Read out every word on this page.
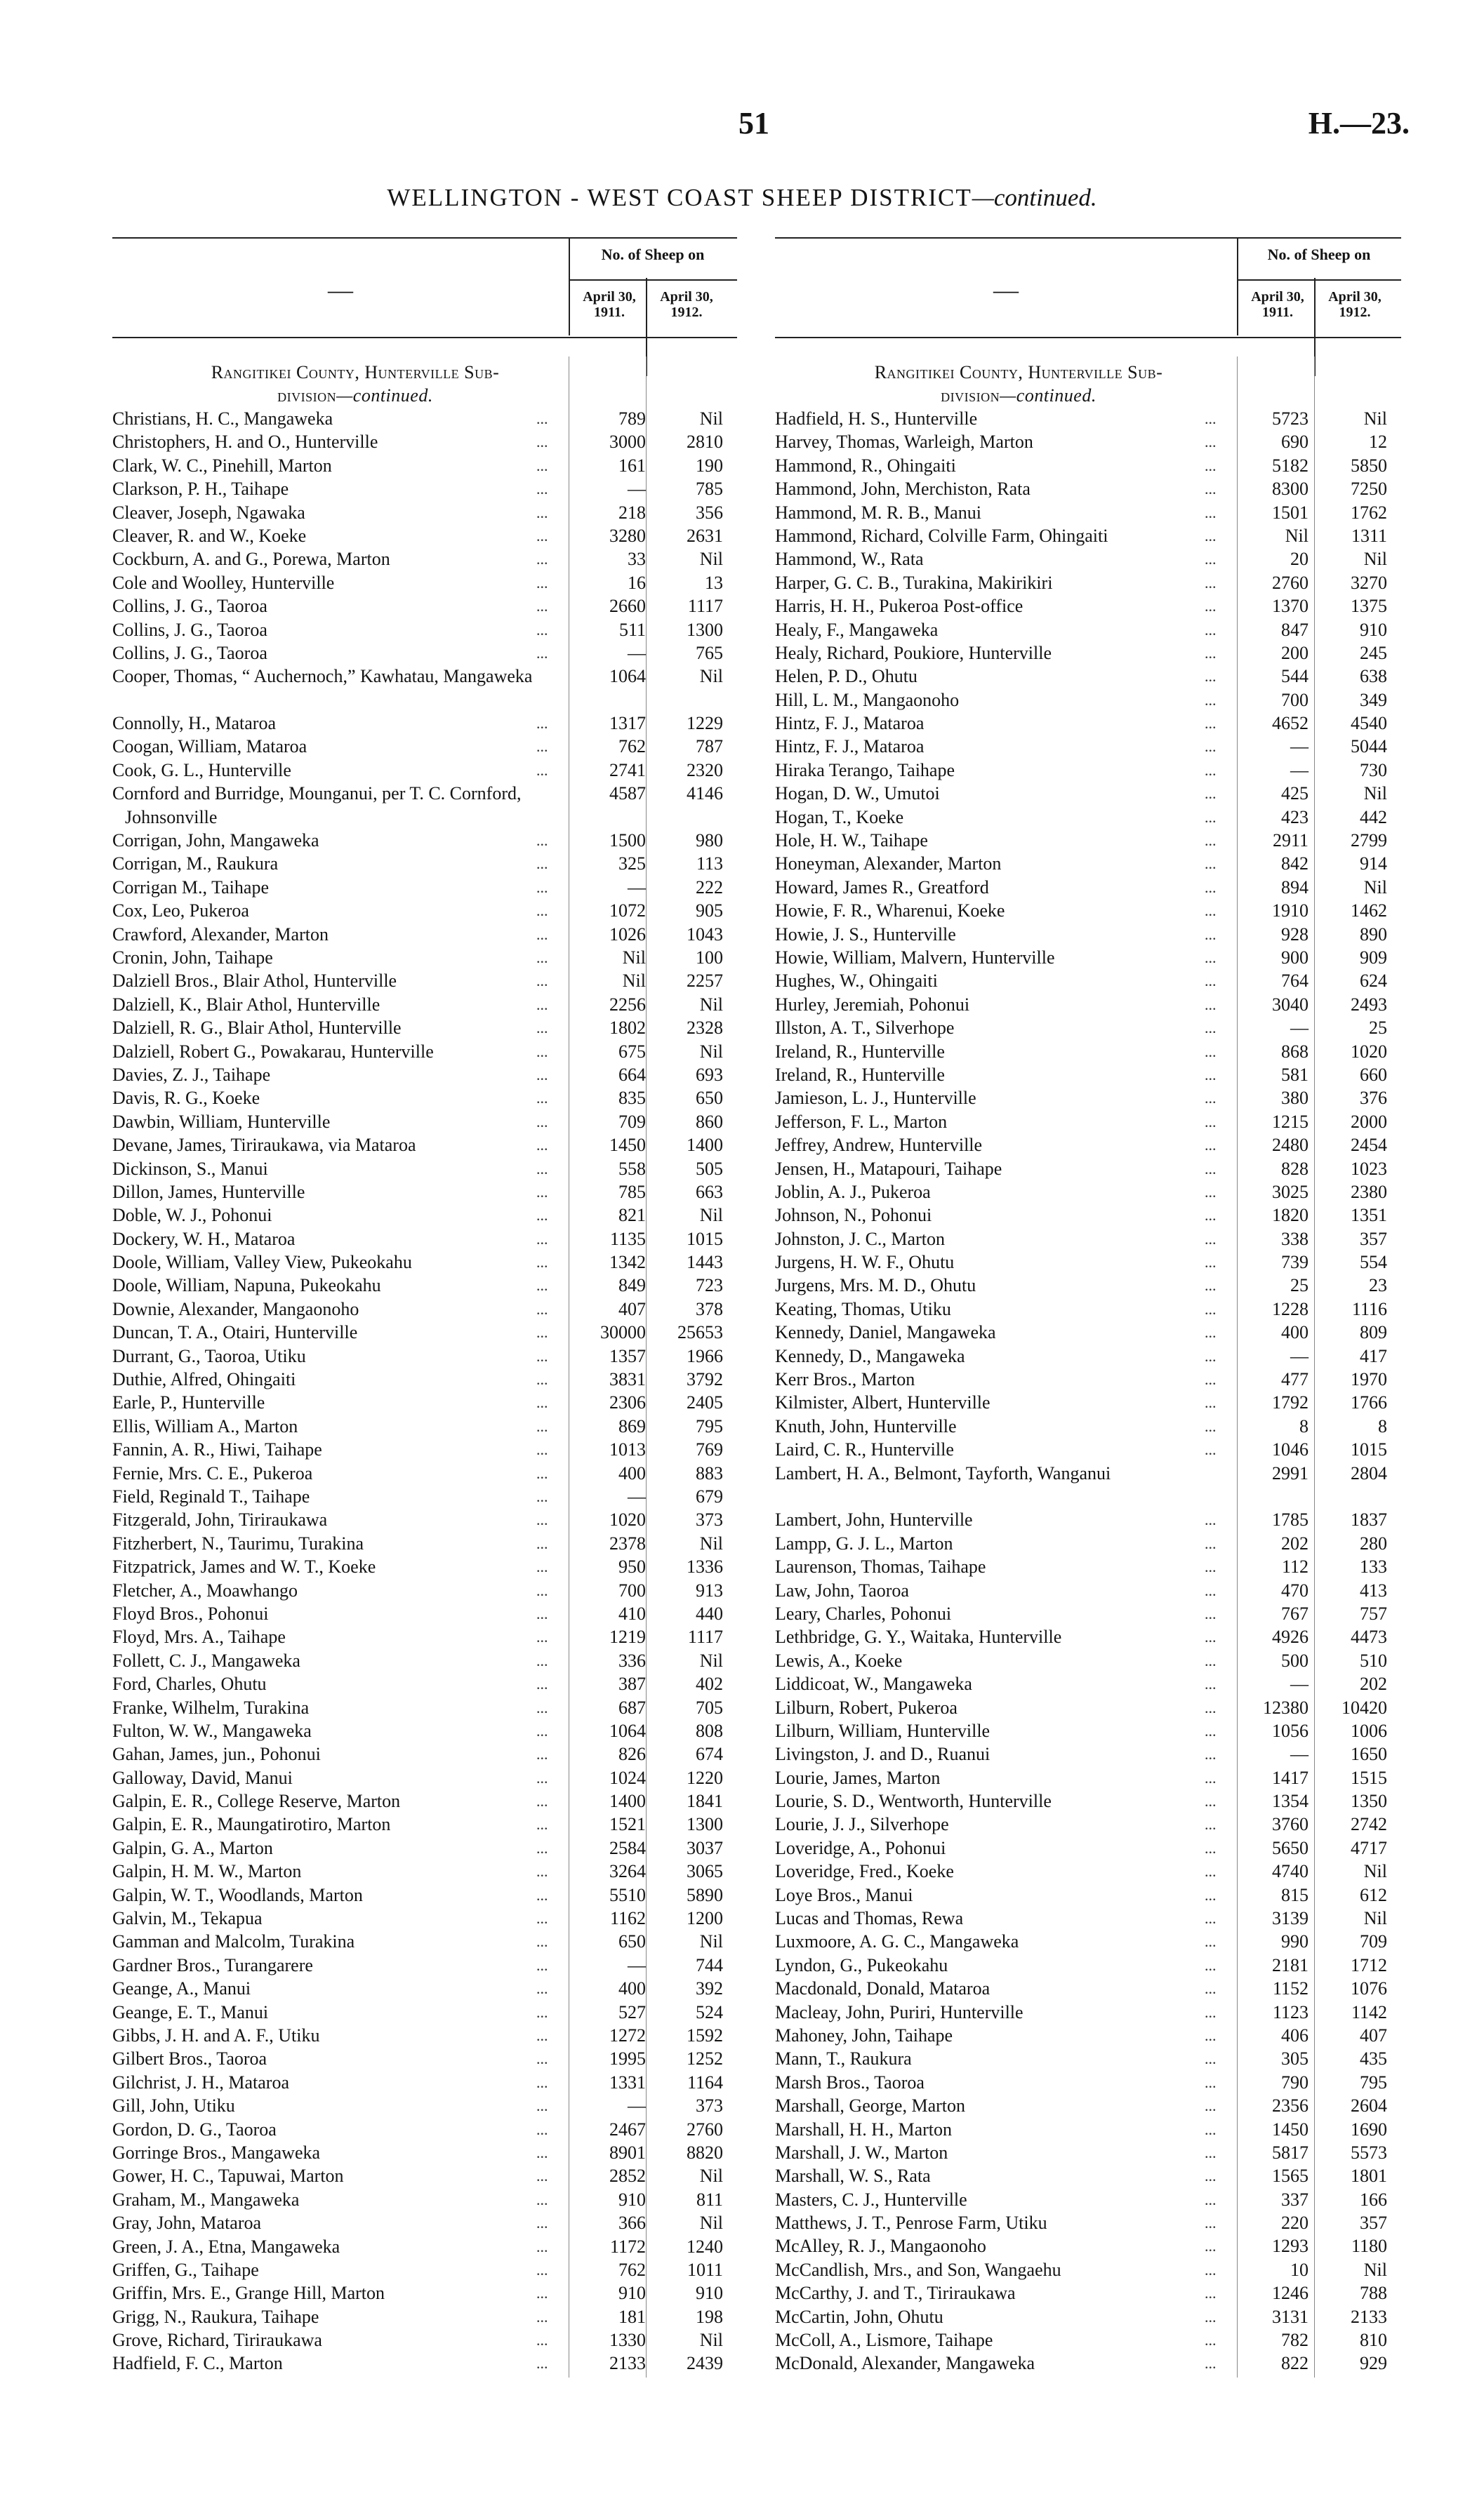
51	H.—23.
WELLINGTON - WEST COAST SHEEP DISTRICT—continued.
—
No. of Sheep on
April 30, 1911.
April 30, 1912.
Rangitikei County, Hunterville Sub-
division—continued.
Christians, H. C., Mangaweka	...	789	Nil
Christophers, H. and O., Hunterville	...	3000	2810
Clark, W. C., Pinehill, Marton	...	161	190
Clarkson, P. H., Taihape	...	—	785
Cleaver, Joseph, Ngawaka	...	218	356
Cleaver, R. and W., Koeke	...	3280	2631
Cockburn, A. and G., Porewa, Marton	...	33	Nil
Cole and Woolley, Hunterville	...	16	13
Collins, J. G., Taoroa	...	2660	1117
Collins, J. G., Taoroa	...	511	1300
Collins, J. G., Taoroa	...	—	765
Cooper, Thomas, “ Auchernoch,” Kawhatau, Mangaweka	1064	Nil
Connolly, H., Mataroa	...	1317	1229
Coogan, William, Mataroa	...	762	787
Cook, G. L., Hunterville	...	2741	2320
Cornford and Burridge, Mounganui, per T. C. Cornford, Johnsonville
4587	4146
Corrigan, John, Mangaweka	...	1500	980
Corrigan, M., Raukura	...	325	113
Corrigan M., Taihape	...	—	222
Cox, Leo, Pukeroa	...	1072	905
Crawford, Alexander, Marton	...	1026	1043
Cronin, John, Taihape	...	Nil	100
Dalziell Bros., Blair Athol, Hunterville	...	Nil	2257
Dalziell, K., Blair Athol, Hunterville	...	2256	Nil
Dalziell, R. G., Blair Athol, Hunterville	...	1802	2328
Dalziell, Robert G., Powakarau, Hunterville	...	675	Nil
Davies, Z. J., Taihape	...	664	693
Davis, R. G., Koeke	...	835	650
Dawbin, William, Hunterville	...	709	860
Devane, James, Tiriraukawa, via Mataroa	...	1450	1400
Dickinson, S., Manui	...	558	505
Dillon, James, Hunterville	...	785	663
Doble, W. J., Pohonui	...	821	Nil
Dockery, W. H., Mataroa	...	1135	1015
Doole, William, Valley View, Pukeokahu	...	1342	1443
Doole, William, Napuna, Pukeokahu	...	849	723
Downie, Alexander, Mangaonoho	...	407	378
Duncan, T. A., Otairi, Hunterville	...	30000	25653
Durrant, G., Taoroa, Utiku	...	1357	1966
Duthie, Alfred, Ohingaiti	...	3831	3792
Earle, P., Hunterville	...	2306	2405
Ellis, William A., Marton	...	869	795
Fannin, A. R., Hiwi, Taihape	...	1013	769
Fernie, Mrs. C. E., Pukeroa	...	400	883
Field, Reginald T., Taihape	...	—	679
Fitzgerald, John, Tiriraukawa	...	1020	373
Fitzherbert, N., Taurimu, Turakina	...	2378	Nil
Fitzpatrick, James and W. T., Koeke	...	950	1336
Fletcher, A., Moawhango	...	700	913
Floyd Bros., Pohonui	...	410	440
Floyd, Mrs. A., Taihape	...	1219	1117
Follett, C. J., Mangaweka	...	336	Nil
Ford, Charles, Ohutu	...	387	402
Franke, Wilhelm, Turakina	...	687	705
Fulton, W. W., Mangaweka	...	1064	808
Gahan, James, jun., Pohonui	...	826	674
Galloway, David, Manui	...	1024	1220
Galpin, E. R., College Reserve, Marton	...	1400	1841
Galpin, E. R., Maungatirotiro, Marton	...	1521	1300
Galpin, G. A., Marton	...	2584	3037
Galpin, H. M. W., Marton	...	3264	3065
Galpin, W. T., Woodlands, Marton	...	5510	5890
Galvin, M., Tekapua	...	1162	1200
Gamman and Malcolm, Turakina	...	650	Nil
Gardner Bros., Turangarere	...	—	744
Geange, A., Manui	...	400	392
Geange, E. T., Manui	...	527	524
Gibbs, J. H. and A. F., Utiku	...	1272	1592
Gilbert Bros., Taoroa	...	1995	1252
Gilchrist, J. H., Mataroa	...	1331	1164
Gill, John, Utiku	...	—	373
Gordon, D. G., Taoroa	...	2467	2760
Gorringe Bros., Mangaweka	...	8901	8820
Gower, H. C., Tapuwai, Marton	...	2852	Nil
Graham, M., Mangaweka	...	910	811
Gray, John, Mataroa	...	366	Nil
Green, J. A., Etna, Mangaweka	...	1172	1240
Griffen, G., Taihape	...	762	1011
Griffin, Mrs. E., Grange Hill, Marton	...	910	910
Grigg, N., Raukura, Taihape	...	181	198
Grove, Richard, Tiriraukawa	...	1330	Nil
Hadfield, F. C., Marton	...	2133	2439
—
No. of Sheep on
April 30, 1911.
April 30, 1912.
Rangitikei County, Hunterville Sub-
division—continued.
Hadfield, H. S., Hunterville	...	5723	Nil
Harvey, Thomas, Warleigh, Marton	...	690	12
Hammond, R., Ohingaiti	...	5182	5850
Hammond, John, Merchiston, Rata	...	8300	7250
Hammond, M. R. B., Manui	...	1501	1762
Hammond, Richard, Colville Farm, Ohingaiti	...	Nil	1311
Hammond, W., Rata	...	20	Nil
Harper, G. C. B., Turakina, Makirikiri	...	2760	3270
Harris, H. H., Pukeroa Post-office	...	1370	1375
Healy, F., Mangaweka	...	847	910
Healy, Richard, Poukiore, Hunterville	...	200	245
Helen, P. D., Ohutu	...	544	638
Hill, L. M., Mangaonoho	...	700	349
Hintz, F. J., Mataroa	...	4652	4540
Hintz, F. J., Mataroa	...	—	5044
Hiraka Terango, Taihape	...	—	730
Hogan, D. W., Umutoi	...	425	Nil
Hogan, T., Koeke	...	423	442
Hole, H. W., Taihape	...	2911	2799
Honeyman, Alexander, Marton	...	842	914
Howard, James R., Greatford	...	894	Nil
Howie, F. R., Wharenui, Koeke	...	1910	1462
Howie, J. S., Hunterville	...	928	890
Howie, William, Malvern, Hunterville	...	900	909
Hughes, W., Ohingaiti	...	764	624
Hurley, Jeremiah, Pohonui	...	3040	2493
Illston, A. T., Silverhope	...	—	25
Ireland, R., Hunterville	...	868	1020
Ireland, R., Hunterville	...	581	660
Jamieson, L. J., Hunterville	...	380	376
Jefferson, F. L., Marton	...	1215	2000
Jeffrey, Andrew, Hunterville	...	2480	2454
Jensen, H., Matapouri, Taihape	...	828	1023
Joblin, A. J., Pukeroa	...	3025	2380
Johnson, N., Pohonui	...	1820	1351
Johnston, J. C., Marton	...	338	357
Jurgens, H. W. F., Ohutu	...	739	554
Jurgens, Mrs. M. D., Ohutu	...	25	23
Keating, Thomas, Utiku	...	1228	1116
Kennedy, Daniel, Mangaweka	...	400	809
Kennedy, D., Mangaweka	...	—	417
Kerr Bros., Marton	...	477	1970
Kilmister, Albert, Hunterville	...	1792	1766
Knuth, John, Hunterville	...	8	8
Laird, C. R., Hunterville	...	1046	1015
Lambert, H. A., Belmont, Tayforth, Wanganui	2991	2804
Lambert, John, Hunterville	...	1785	1837
Lampp, G. J. L., Marton	...	202	280
Laurenson, Thomas, Taihape	...	112	133
Law, John, Taoroa	...	470	413
Leary, Charles, Pohonui	...	767	757
Lethbridge, G. Y., Waitaka, Hunterville	...	4926	4473
Lewis, A., Koeke	...	500	510
Liddicoat, W., Mangaweka	...	—	202
Lilburn, Robert, Pukeroa	...	12380	10420
Lilburn, William, Hunterville	...	1056	1006
Livingston, J. and D., Ruanui	...	—	1650
Lourie, James, Marton	...	1417	1515
Lourie, S. D., Wentworth, Hunterville	...	1354	1350
Lourie, J. J., Silverhope	...	3760	2742
Loveridge, A., Pohonui	...	5650	4717
Loveridge, Fred., Koeke	...	4740	Nil
Loye Bros., Manui	...	815	612
Lucas and Thomas, Rewa	...	3139	Nil
Luxmoore, A. G. C., Mangaweka	...	990	709
Lyndon, G., Pukeokahu	...	2181	1712
Macdonald, Donald, Mataroa	...	1152	1076
Macleay, John, Puriri, Hunterville	...	1123	1142
Mahoney, John, Taihape	...	406	407
Mann, T., Raukura	...	305	435
Marsh Bros., Taoroa	...	790	795
Marshall, George, Marton	...	2356	2604
Marshall, H. H., Marton	...	1450	1690
Marshall, J. W., Marton	...	5817	5573
Marshall, W. S., Rata	...	1565	1801
Masters, C. J., Hunterville	...	337	166
Matthews, J. T., Penrose Farm, Utiku	...	220	357
McAlley, R. J., Mangaonoho	...	1293	1180
McCandlish, Mrs., and Son, Wangaehu	...	10	Nil
McCarthy, J. and T., Tiriraukawa	...	1246	788
McCartin, John, Ohutu	...	3131	2133
McColl, A., Lismore, Taihape	...	782	810
McDonald, Alexander, Mangaweka	...	822	929
